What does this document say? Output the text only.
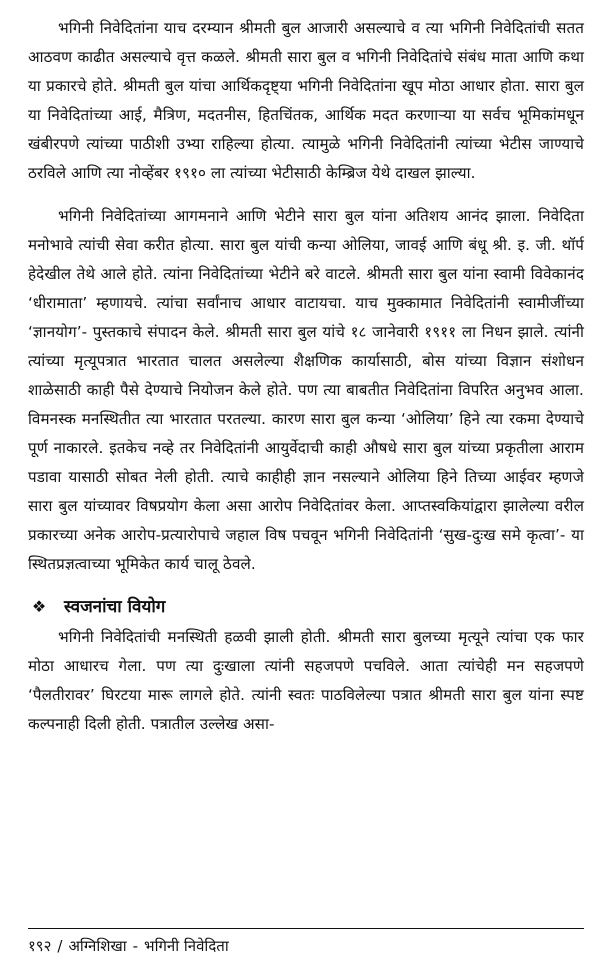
भगिनी निवेदितांना याच दरम्यान श्रीमती बुल आजारी असल्याचे व त्या भगिनी निवेदितांची सतत आठवण काढीत असल्याचे वृत्त कळले. श्रीमती सारा बुल व भगिनी निवेदितांचे संबंध माता आणि कथा या प्रकारचे होते. श्रीमती बुल यांचा आर्थिकदृष्ट्या भगिनी निवेदितांना खूप मोठा आधार होता. सारा बुल या निवेदितांच्या आई, मैत्रिण, मदतनीस, हितचिंतक, आर्थिक मदत करणाऱ्या या सर्वच भूमिकांमधून खंबीरपणे त्यांच्या पाठीशी उभ्या राहिल्या होत्या. त्यामुळे भगिनी निवेदितांनी त्यांच्या भेटीस जाण्याचे ठरविले आणि त्या नोव्हेंबर १९१० ला त्यांच्या भेटीसाठी केम्ब्रिज येथे दाखल झाल्या.

भगिनी निवेदितांच्या आगमनाने आणि भेटीने सारा बुल यांना अतिशय आनंद झाला. निवेदिता मनोभावे त्यांची सेवा करीत होत्या. सारा बुल यांची कन्या ओलिया, जावई आणि बंधू श्री. इ. जी. थॉर्प हेदेखील तेथे आले होते. त्यांना निवेदितांच्या भेटीने बरे वाटले. श्रीमती सारा बुल यांना स्वामी विवेकानंद ‘धीरामाता’ म्हणायचे. त्यांचा सर्वांनाच आधार वाटायचा. याच मुक्कामात निवेदितांनी स्वामीजींच्या ‘ज्ञानयोग’- पुस्तकाचे संपादन केले. श्रीमती सारा बुल यांचे १८ जानेवारी १९११ ला निधन झाले. त्यांनी त्यांच्या मृत्यूपत्रात भारतात चालत असलेल्या शैक्षणिक कार्यासाठी, बोस यांच्या विज्ञान संशोधन शाळेसाठी काही पैसे देण्याचे नियोजन केले होते. पण त्या बाबतीत निवेदितांना विपरित अनुभव आला. विमनस्क मनस्थितीत त्या भारतात परतल्या. कारण सारा बुल कन्या ‘ओलिया’ हिने त्या रकमा देण्याचे पूर्ण नाकारले. इतकेच नव्हे तर निवेदितांनी आयुर्वेदाची काही औषधे सारा बुल यांच्या प्रकृतीला आराम पडावा यासाठी सोबत नेली होती. त्याचे काहीही ज्ञान नसल्याने ओलिया हिने तिच्या आईवर म्हणजे सारा बुल यांच्यावर विषप्रयोग केला असा आरोप निवेदितांवर केला. आप्तस्वकियांद्वारा झालेल्या वरील प्रकारच्या अनेक आरोप-प्रत्यारोपाचे जहाल विष पचवून भगिनी निवेदितांनी ‘सुख-दुःख समे कृत्वा’- या स्थितप्रज्ञत्वाच्या भूमिकेत कार्य चालू ठेवले.

❖ स्वजनांचा वियोग

भगिनी निवेदितांची मनस्थिती हळवी झाली होती. श्रीमती सारा बुलच्या मृत्यूने त्यांचा एक फार मोठा आधारच गेला. पण त्या दुःखाला त्यांनी सहजपणे पचविले. आता त्यांचेही मन सहजपणे ‘पैलतीरावर’ घिरटया मारू लागले होते. त्यांनी स्वतः पाठविलेल्या पत्रात श्रीमती सारा बुल यांना स्पष्ट कल्पनाही दिली होती. पत्रातील उल्लेख असा-

१९२ / अग्निशिखा - भगिनी निवेदिता
